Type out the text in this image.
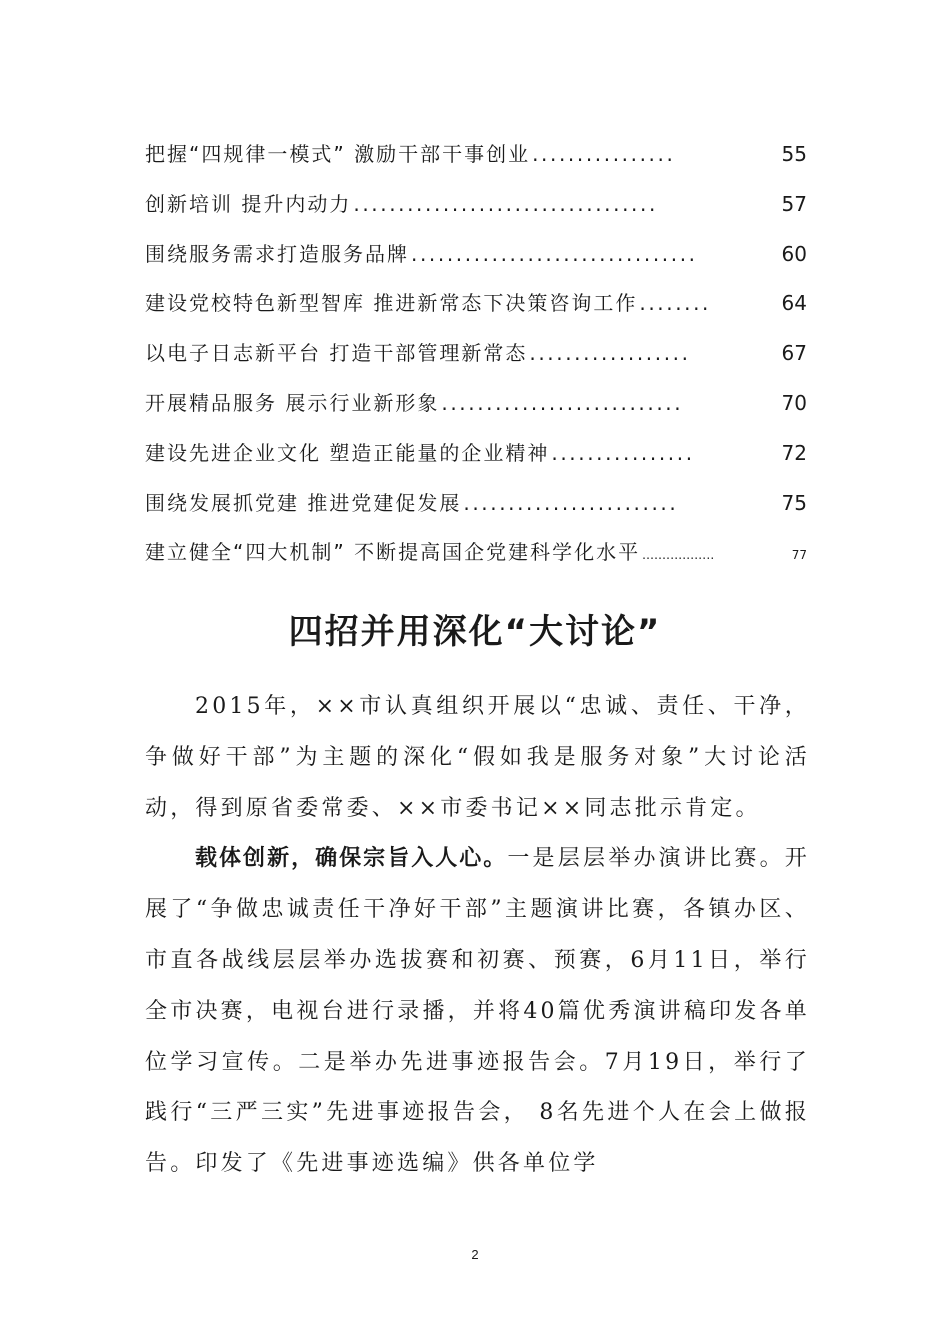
把握“四规律一模式” 激励干部干事创业 ................	55
创新培训 提升内动力 ..................................	57
围绕服务需求打造服务品牌 ................................	60
建设党校特色新型智库 推进新常态下决策咨询工作 ........	64
以电子日志新平台 打造干部管理新常态 ..................	67
开展精品服务 展示行业新形象 ...........................	70
建设先进企业文化 塑造正能量的企业精神 ................	72
围绕发展抓党建 推进党建促发展 ........................	75
建立健全“四大机制” 不断提高国企党建科学化水平 ..................	77
四招并用深化“大讨论”

2015年，××市认真组织开展以“忠诚、责任、干净，争做好干部”为主题的深化“假如我是服务对象”大讨论活动，得到原省委常委、××市委书记××同志批示肯定。

载体创新，确保宗旨入人心。一是层层举办演讲比赛。开展了“争做忠诚责任干净好干部”主题演讲比赛，各镇办区、市直各战线层层举办选拔赛和初赛、预赛，6月11日，举行全市决赛，电视台进行录播，并将40篇优秀演讲稿印发各单位学习宣传。二是举办先进事迹报告会。7月19日，举行了践行“三严三实”先进事迹报告会， 8名先进个人在会上做报告。印发了《先进事迹选编》供各单位学

2
